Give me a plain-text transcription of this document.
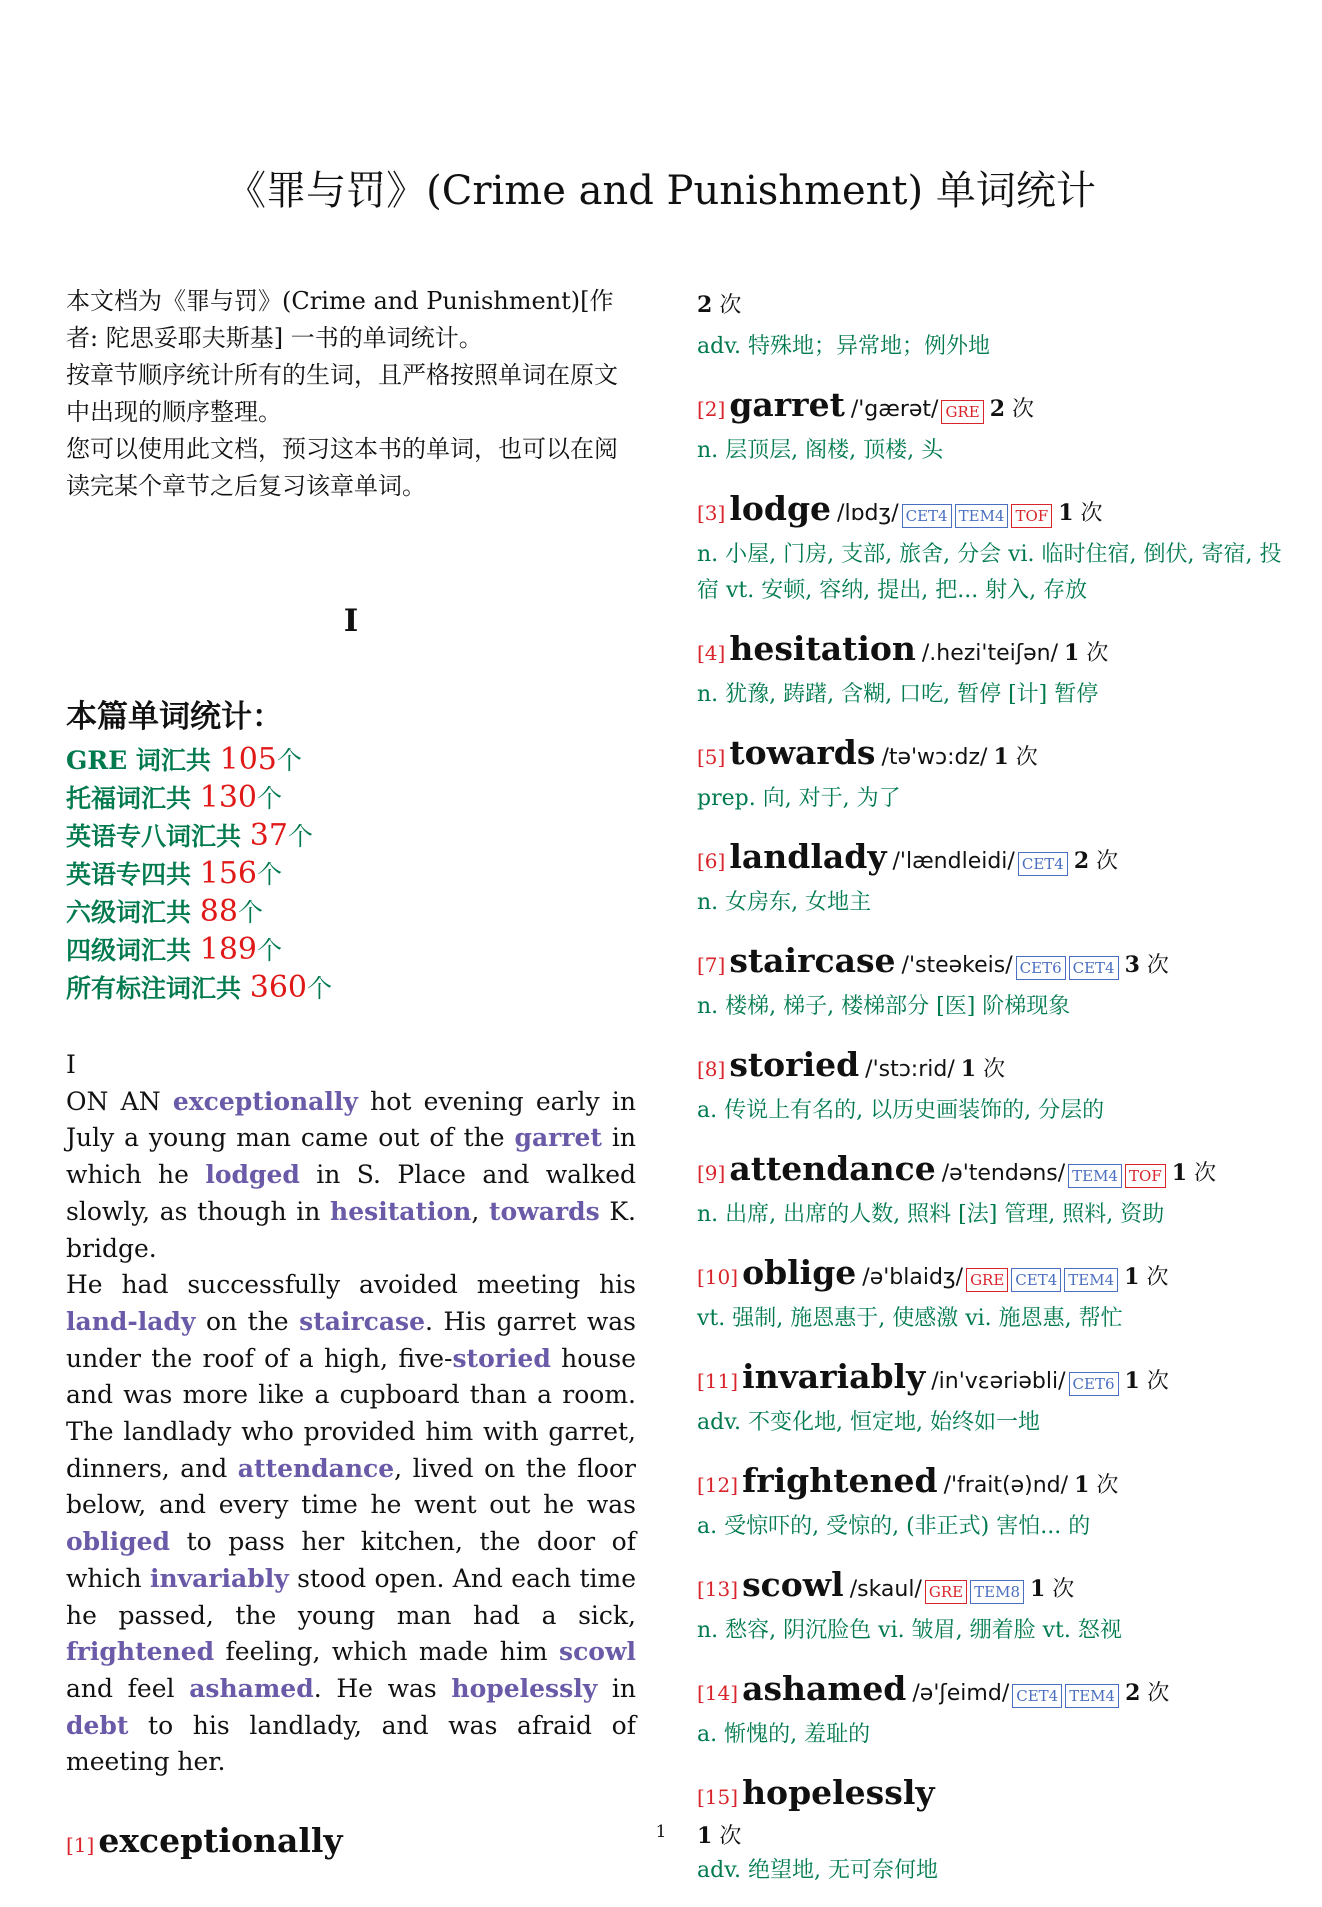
《罪与罚》(Crime and Punishment) 单词统计

本文档为《罪与罚》(Crime and Punishment)[作者: 陀思妥耶夫斯基] 一书的单词统计。
按章节顺序统计所有的生词，且严格按照单词在原文中出现的顺序整理。
您可以使用此文档，预习这本书的单词，也可以在阅读完某个章节之后复习该章单词。

I
本篇单词统计：
GRE 词汇共 105个
托福词汇共 130个
英语专八词汇共 37个
英语专四共 156个
六级词汇共 88个
四级词汇共 189个
所有标注词汇共 360个
I
ON AN exceptionally hot evening early in July a young man came out of the garret in which he lodged in S. Place and walked slowly, as though in hesitation, towards K. bridge.
He had successfully avoided meeting his land-lady on the staircase. His garret was under the roof of a high, five-storied house and was more like a cupboard than a room. The landlady who provided him with garret, dinners, and attendance, lived on the floor below, and every time he went out he was obliged to pass her kitchen, the door of which invariably stood open. And each time he passed, the young man had a sick, frightened feeling, which made him scowl and feel ashamed. He was hopelessly in debt to his landlady, and was afraid of meeting her.
[1] exceptionally
2 次
adv. 特殊地；异常地；例外地
[2] garret /'gærət/ GRE 2 次
n. 层顶层, 阁楼, 顶楼, 头
[3] lodge /lɒdʒ/ CET4 TEM4 TOF 1 次
n. 小屋, 门房, 支部, 旅舍, 分会 vi. 临时住宿, 倒伏, 寄宿, 投宿 vt. 安顿, 容纳, 提出, 把... 射入, 存放
[4] hesitation /.hezi'teiʃən/ 1 次
n. 犹豫, 踌躇, 含糊, 口吃, 暂停 [计] 暂停
[5] towards /tə'wɔ:dz/ 1 次
prep. 向, 对于, 为了
[6] landlady /'lændleidi/ CET4 2 次
n. 女房东, 女地主
[7] staircase /'steəkeis/ CET6 CET4 3 次
n. 楼梯, 梯子, 楼梯部分 [医] 阶梯现象
[8] storied /'stɔ:rid/ 1 次
a. 传说上有名的, 以历史画装饰的, 分层的
[9] attendance /ə'tendəns/ TEM4 TOF 1 次
n. 出席, 出席的人数, 照料 [法] 管理, 照料, 资助
[10] oblige /ə'blaidʒ/ GRE CET4 TEM4 1 次
vt. 强制, 施恩惠于, 使感激 vi. 施恩惠, 帮忙
[11] invariably /in'vεəriəbli/ CET6 1 次
adv. 不变化地, 恒定地, 始终如一地
[12] frightened /'frait(ə)nd/ 1 次
a. 受惊吓的, 受惊的, (非正式) 害怕... 的
[13] scowl /skaul/ GRE TEM8 1 次
n. 愁容, 阴沉脸色 vi. 皱眉, 绷着脸 vt. 怒视
[14] ashamed /ə'ʃeimd/ CET4 TEM4 2 次
a. 惭愧的, 羞耻的
[15] hopelessly
1 次
adv. 绝望地, 无可奈何地
1
